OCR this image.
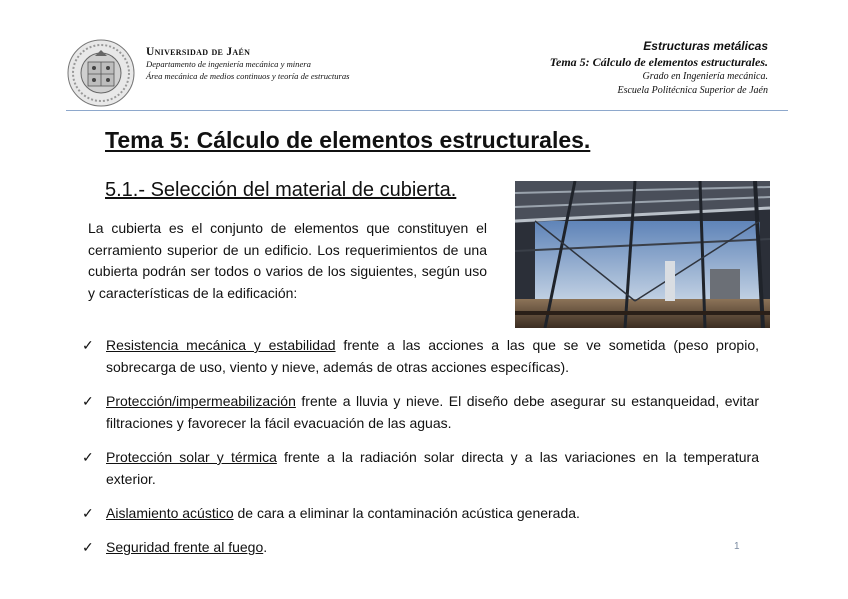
Universidad de Jaén
Departamento de ingeniería mecánica y minera
Área mecánica de medios continuos y teoría de estructuras
Estructuras metálicas
Tema 5: Cálculo de elementos estructurales.
Grado en Ingeniería mecánica.
Escuela Politécnica Superior de Jaén
Tema 5: Cálculo de elementos estructurales.
5.1.- Selección del material de cubierta.
La cubierta es el conjunto de elementos que constituyen el cerramiento superior de un edificio. Los requerimientos de una cubierta podrán ser todos o varios de los siguientes, según uso y características de la edificación:
✓ Resistencia mecánica y estabilidad frente a las acciones a las que se ve sometida (peso propio, sobrecarga de uso, viento y nieve, además de otras acciones específicas).
✓ Protección/impermeabilización frente a lluvia y nieve. El diseño debe asegurar su estanqueidad, evitar filtraciones y favorecer la fácil evacuación de las aguas.
✓ Protección solar y térmica frente a la radiación solar directa y a las variaciones en la temperatura exterior.
✓ Aislamiento acústico de cara a eliminar la contaminación acústica generada.
✓ Seguridad frente al fuego.	1
